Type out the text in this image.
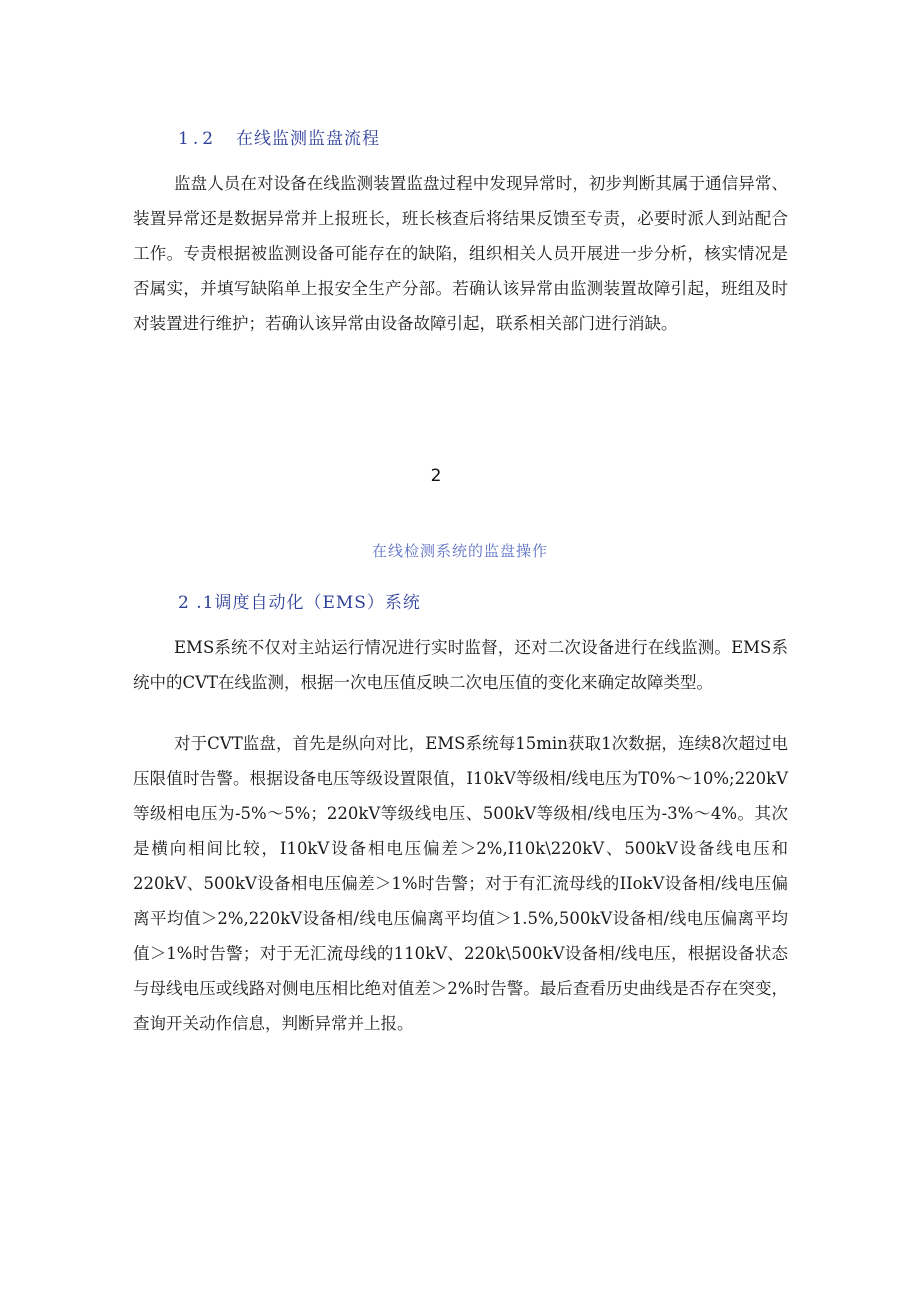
1.2 在线监测监盘流程

监盘人员在对设备在线监测装置监盘过程中发现异常时，初步判断其属于通信异常、装置异常还是数据异常并上报班长，班长核查后将结果反馈至专责，必要时派人到站配合工作。专责根据被监测设备可能存在的缺陷，组织相关人员开展进一步分析，核实情况是否属实，并填写缺陷单上报安全生产分部。若确认该异常由监测装置故障引起，班组及时对装置进行维护；若确认该异常由设备故障引起，联系相关部门进行消缺。

2
在线检测系统的监盘操作
2 .1调度自动化（EMS）系统

EMS系统不仅对主站运行情况进行实时监督，还对二次设备进行在线监测。EMS系统中的CVT在线监测，根据一次电压值反映二次电压值的变化来确定故障类型。

对于CVT监盘，首先是纵向对比，EMS系统每15min获取1次数据，连续8次超过电压限值时告警。根据设备电压等级设置限值，I10kV等级相/线电压为T0%～10%;220kV等级相电压为-5%～5%；220kV等级线电压、500kV等级相/线电压为-3%～4%。其次是横向相间比较，I10kV设备相电压偏差＞2%,I10k\220kV、500kV设备线电压和220kV、500kV设备相电压偏差＞1%时告警；对于有汇流母线的IIokV设备相/线电压偏离平均值＞2%,220kV设备相/线电压偏离平均值＞1.5%,500kV设备相/线电压偏离平均值＞1%时告警；对于无汇流母线的110kV、220k\500kV设备相/线电压，根据设备状态与母线电压或线路对侧电压相比绝对值差＞2%时告警。最后查看历史曲线是否存在突变，查询开关动作信息，判断异常并上报。
